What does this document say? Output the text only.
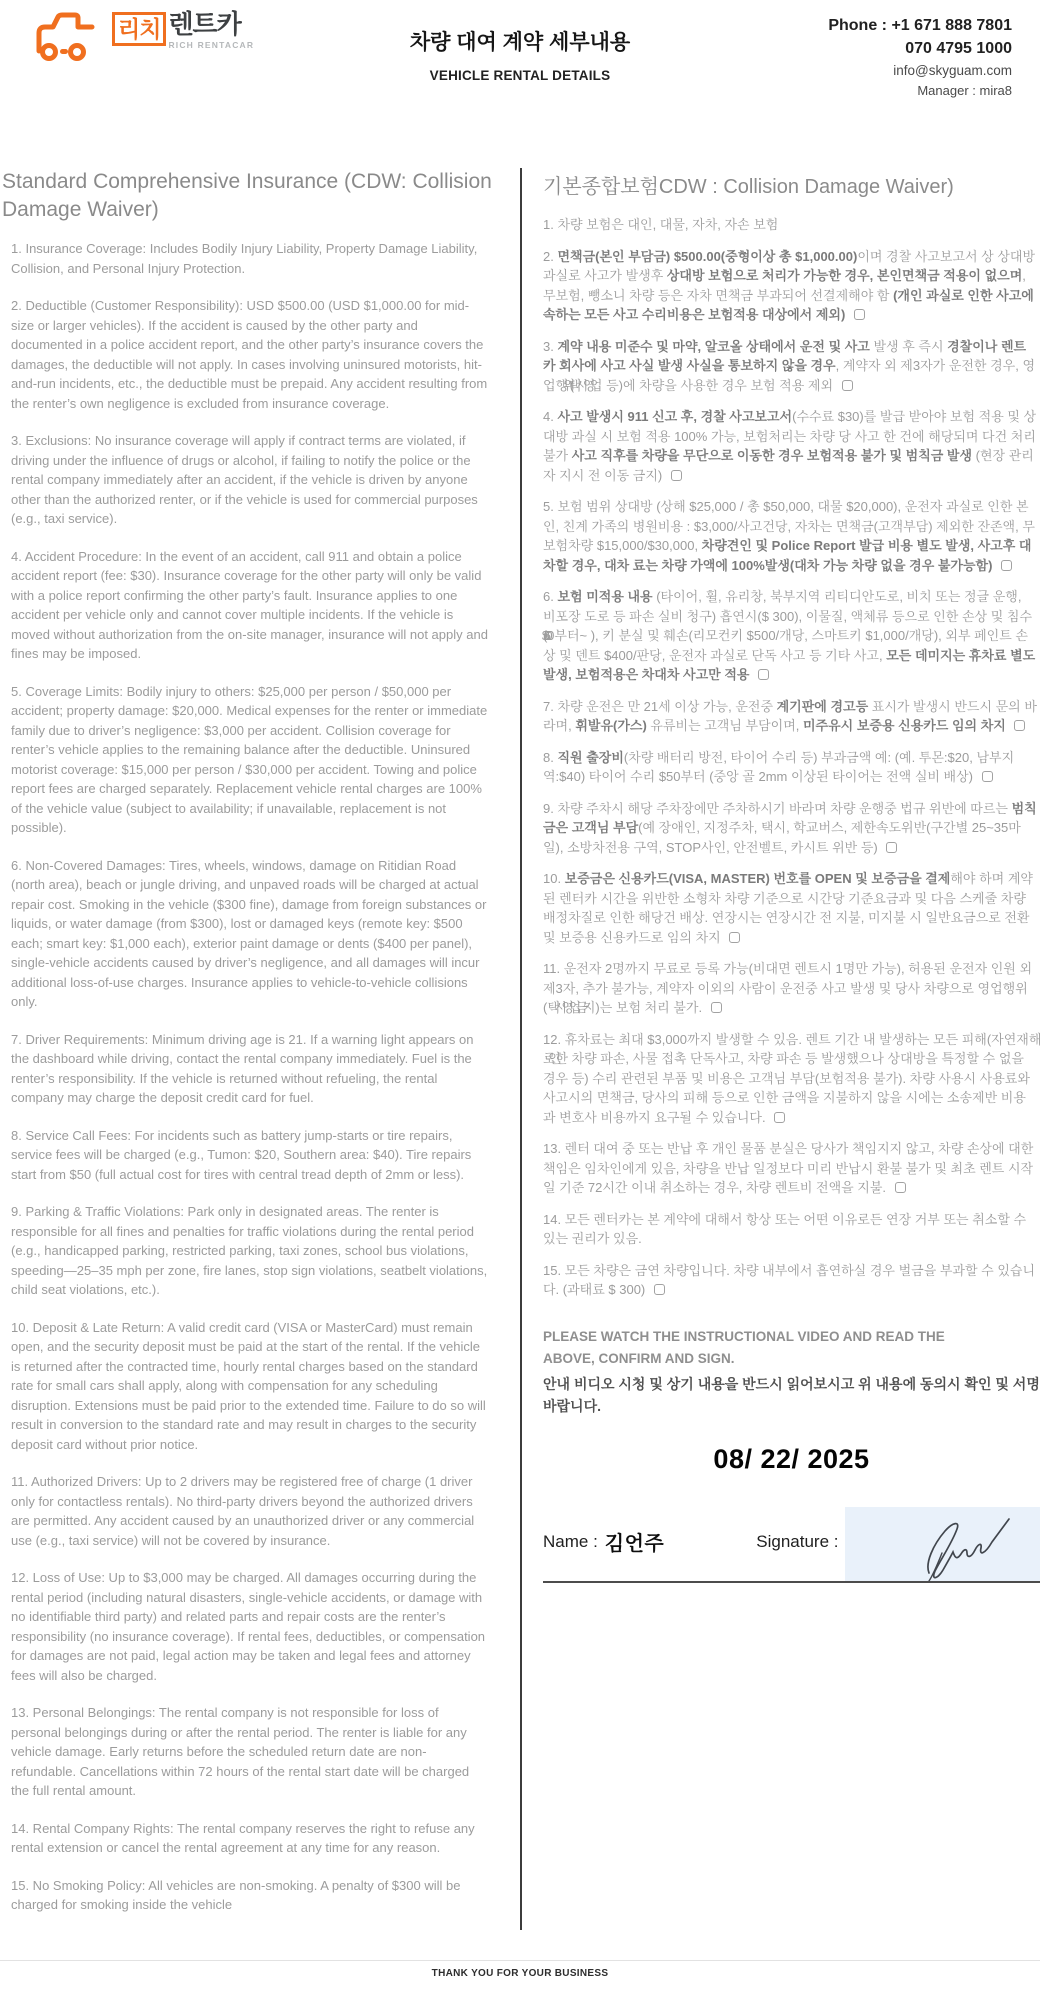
리치 렌트카
RICH RENTACAR	차량 대여 계약 세부내용
VEHICLE RENTAL DETAILS
Phone : +1 671 888 7801
070 4795 1000
info@skyguam.com
Manager : mira8
Standard Comprehensive Insurance (CDW: Collision Damage Waiver)

1. Insurance Coverage: Includes Bodily Injury Liability, Property Damage Liability, Collision, and Personal Injury Protection.

2. Deductible (Customer Responsibility): USD $500.00 (USD $1,000.00 for mid-size or larger vehicles). If the accident is caused by the other party and documented in a police accident report, and the other party’s insurance covers the damages, the deductible will not apply. In cases involving uninsured motorists, hit-and-run incidents, etc., the deductible must be prepaid. Any accident resulting from the renter’s own negligence is excluded from insurance coverage.

3. Exclusions: No insurance coverage will apply if contract terms are violated, if driving under the influence of drugs or alcohol, if failing to notify the police or the rental company immediately after an accident, if the vehicle is driven by anyone other than the authorized renter, or if the vehicle is used for commercial purposes (e.g., taxi service).

4. Accident Procedure: In the event of an accident, call 911 and obtain a police accident report (fee: $30). Insurance coverage for the other party will only be valid with a police report confirming the other party’s fault. Insurance applies to one accident per vehicle only and cannot cover multiple incidents. If the vehicle is moved without authorization from the on-site manager, insurance will not apply and fines may be imposed.

5. Coverage Limits: Bodily injury to others: $25,000 per person / $50,000 per accident; property damage: $20,000. Medical expenses for the renter or immediate family due to driver’s negligence: $3,000 per accident. Collision coverage for renter’s vehicle applies to the remaining balance after the deductible. Uninsured motorist coverage: $15,000 per person / $30,000 per accident. Towing and police report fees are charged separately. Replacement vehicle rental charges are 100% of the vehicle value (subject to availability; if unavailable, replacement is not possible).

6. Non-Covered Damages: Tires, wheels, windows, damage on Ritidian Road (north area), beach or jungle driving, and unpaved roads will be charged at actual repair cost. Smoking in the vehicle ($300 fine), damage from foreign substances or liquids, or water damage (from $300), lost or damaged keys (remote key: $500 each; smart key: $1,000 each), exterior paint damage or dents ($400 per panel), single-vehicle accidents caused by driver’s negligence, and all damages will incur additional loss-of-use charges. Insurance applies to vehicle-to-vehicle collisions only.

7. Driver Requirements: Minimum driving age is 21. If a warning light appears on the dashboard while driving, contact the rental company immediately. Fuel is the renter’s responsibility. If the vehicle is returned without refueling, the rental company may charge the deposit credit card for fuel.

8. Service Call Fees: For incidents such as battery jump-starts or tire repairs, service fees will be charged (e.g., Tumon: $20, Southern area: $40). Tire repairs start from $50 (full actual cost for tires with central tread depth of 2mm or less).

9. Parking & Traffic Violations: Park only in designated areas. The renter is responsible for all fines and penalties for traffic violations during the rental period (e.g., handicapped parking, restricted parking, taxi zones, school bus violations, speeding—25–35 mph per zone, fire lanes, stop sign violations, seatbelt violations, child seat violations, etc.).

10. Deposit & Late Return: A valid credit card (VISA or MasterCard) must remain open, and the security deposit must be paid at the start of the rental. If the vehicle is returned after the contracted time, hourly rental charges based on the standard rate for small cars shall apply, along with compensation for any scheduling disruption. Extensions must be paid prior to the extended time. Failure to do so will result in conversion to the standard rate and may result in charges to the security deposit card without prior notice.

11. Authorized Drivers: Up to 2 drivers may be registered free of charge (1 driver only for contactless rentals). No third-party drivers beyond the authorized drivers are permitted. Any accident caused by an unauthorized driver or any commercial use (e.g., taxi service) will not be covered by insurance.

12. Loss of Use: Up to $3,000 may be charged. All damages occurring during the rental period (including natural disasters, single-vehicle accidents, or damage with no identifiable third party) and related parts and repair costs are the renter’s responsibility (no insurance coverage). If rental fees, deductibles, or compensation for damages are not paid, legal action may be taken and legal fees and attorney fees will also be charged.

13. Personal Belongings: The rental company is not responsible for loss of personal belongings during or after the rental period. The renter is liable for any vehicle damage. Early returns before the scheduled return date are non-refundable. Cancellations within 72 hours of the rental start date will be charged the full rental amount.

14. Rental Company Rights: The rental company reserves the right to refuse any rental extension or cancel the rental agreement at any time for any reason.

15. No Smoking Policy: All vehicles are non-smoking. A penalty of $300 will be charged for smoking inside the vehicle

기본종합보험CDW : Collision Damage Waiver)

1. 차량 보험은 대인, 대물, 자차, 자손 보험

2. 면책금(본인 부담금) $500.00(중형이상 총 $1,000.00)이며 경찰 사고보고서 상 상대방 과실로 사고가 발생후 상대방 보험으로 처리가 가능한 경우, 본인면책금 적용이 없으며, 무보험, 뺑소니 차량 등은 자차 면책금 부과되어 선결제해야 함 (개인 과실로 인한 사고에 속하는 모든 사고 수리비용은 보험적용 대상에서 제외)

3. 계약 내용 미준수 및 마약, 알코올 상태에서 운전 및 사고 발생 후 즉시 경찰이나 렌트카 회사에 사고 사실 발생 사실을 통보하지 않을 경우, 계약자 외 제3자가 운전한 경우, 영업행위(택시영업 등)에 차량을 사용한 경우 보험 적용 제외

4. 사고 발생시 911 신고 후, 경찰 사고보고서(수수료 $30)를 발급 받아야 보험 적용 및 상대방 과실 시 보험 적용 100% 가능, 보험처리는 차량 당 사고 한 건에 해당되며 다건 처리 불가 사고 직후를 차량을 무단으로 이동한 경우 보험적용 불가 및 범칙금 발생 (현장 관리자 지시 전 이동 금지)

5. 보험 범위 상대방 (상해 $25,000 / 총 $50,000, 대물 $20,000), 운전자 과실로 인한 본인, 친계 가족의 병원비용 : $3,000/사고건당, 자차는 면책금(고객부담) 제외한 잔존액, 무보험차량 $15,000/$30,000, 차량견인 및 Police Report 발급 비용 별도 발생, 사고후 대차할 경우, 대차 료는 차량 가액에 100%발생(대차 가능 차량 없을 경우 불가능함)

6. 보험 미적용 내용 (타이어, 휠, 유리창, 북부지역 리티디안도로, 비치 또는 정글 운행, 비포장 도로 등 파손 실비 청구) 흡연시($ 300), 이물질, 액체류 등으로 인한 손상 및 침수($600 부터~ ), 키 분실 및 훼손(리모컨키 $500/개당, 스마트키 $1,000/개당), 외부 페인트 손상 및 덴트 $400/판당, 운전자 과실로 단독 사고 등 기타 사고, 모든 데미지는 휴차료 별도 발생, 보험적용은 차대차 사고만 적용

7. 차량 운전은 만 21세 이상 가능, 운전중 계기판에 경고등 표시가 발생시 반드시 문의 바라며, 휘발유(가스) 유류비는 고객님 부담이며, 미주유시 보증용 신용카드 임의 차지

8. 직원 출장비(차량 배터리 방전, 타이어 수리 등) 부과금액 예: (예. 투몬:$20, 남부지역:$40) 타이어 수리 $50부터 (중앙 골 2mm 이상된 타이어는 전액 실비 배상)

9. 차량 주차시 해당 주차장에만 주차하시기 바라며 차량 운행중 법규 위반에 따르는 범칙금은 고객님 부담(예 장애인, 지정주차, 택시, 학교버스, 제한속도위반(구간별 25~35마일), 소방차전용 구역, STOP사인, 안전벨트, 카시트 위반 등)

10. 보증금은 신용카드(VISA, MASTER) 번호를 OPEN 및 보증금을 결제해야 하며 계약된 렌터카 시간을 위반한 소형차 차량 기준으로 시간당 기준요금과 및 다음 스케줄 차량 배정차질로 인한 해당건 배상. 연장시는 연장시간 전 지불, 미지불 시 일반요금으로 전환 및 보증용 신용카드로 임의 차지

11. 운전자 2명까지 무료로 등록 가능(비대면 렌트시 1명만 가능), 허용된 운전자 인원 외 제3자, 추가 불가능, 계약자 이외의 사람이 운전중 사고 발생 및 당사 차량으로 영업행위(택시영업금지 )는 보험 처리 불가.

12. 휴차료는 최대 $3,000까지 발생할 수 있음. 렌트 기간 내 발생하는 모든 피해(자연재해로 인한 차량 파손, 사물 접촉 단독사고, 차량 파손 등 발생했으나 상대방을 특정할 수 없을 경우 등) 수리 관련된 부품 및 비용은 고객님 부담(보험적용 불가). 차량 사용시 사용료와 사고시의 면책금, 당사의 피해 등으로 인한 금액을 지불하지 않을 시에는 소송제반 비용과 변호사 비용까지 요구될 수 있습니다.

13. 렌터 대여 중 또는 반납 후 개인 물품 분실은 당사가 책임지지 않고, 차량 손상에 대한 책임은 임차인에게 있음, 차량을 반납 일정보다 미리 반납시 환불 불가 및 최초 렌트 시작일 기준 72시간 이내 취소하는 경우, 차량 렌트비 전액을 지불.

14. 모든 렌터카는 본 계약에 대해서 항상 또는 어떤 이유로든 연장 거부 또는 취소할 수 있는 권리가 있음.

15. 모든 차량은 금연 차량입니다. 차량 내부에서 흡연하실 경우 벌금을 부과할 수 있습니다. (과태료 $ 300)

PLEASE WATCH THE INSTRUCTIONAL VIDEO AND READ THE ABOVE, CONFIRM AND SIGN.
안내 비디오 시청 및 상기 내용을 반드시 읽어보시고 위 내용에 동의시 확인 및 서명 바랍니다.
08/ 22/ 2025
Name : 김언주	Signature :
THANK YOU FOR YOUR BUSINESS
